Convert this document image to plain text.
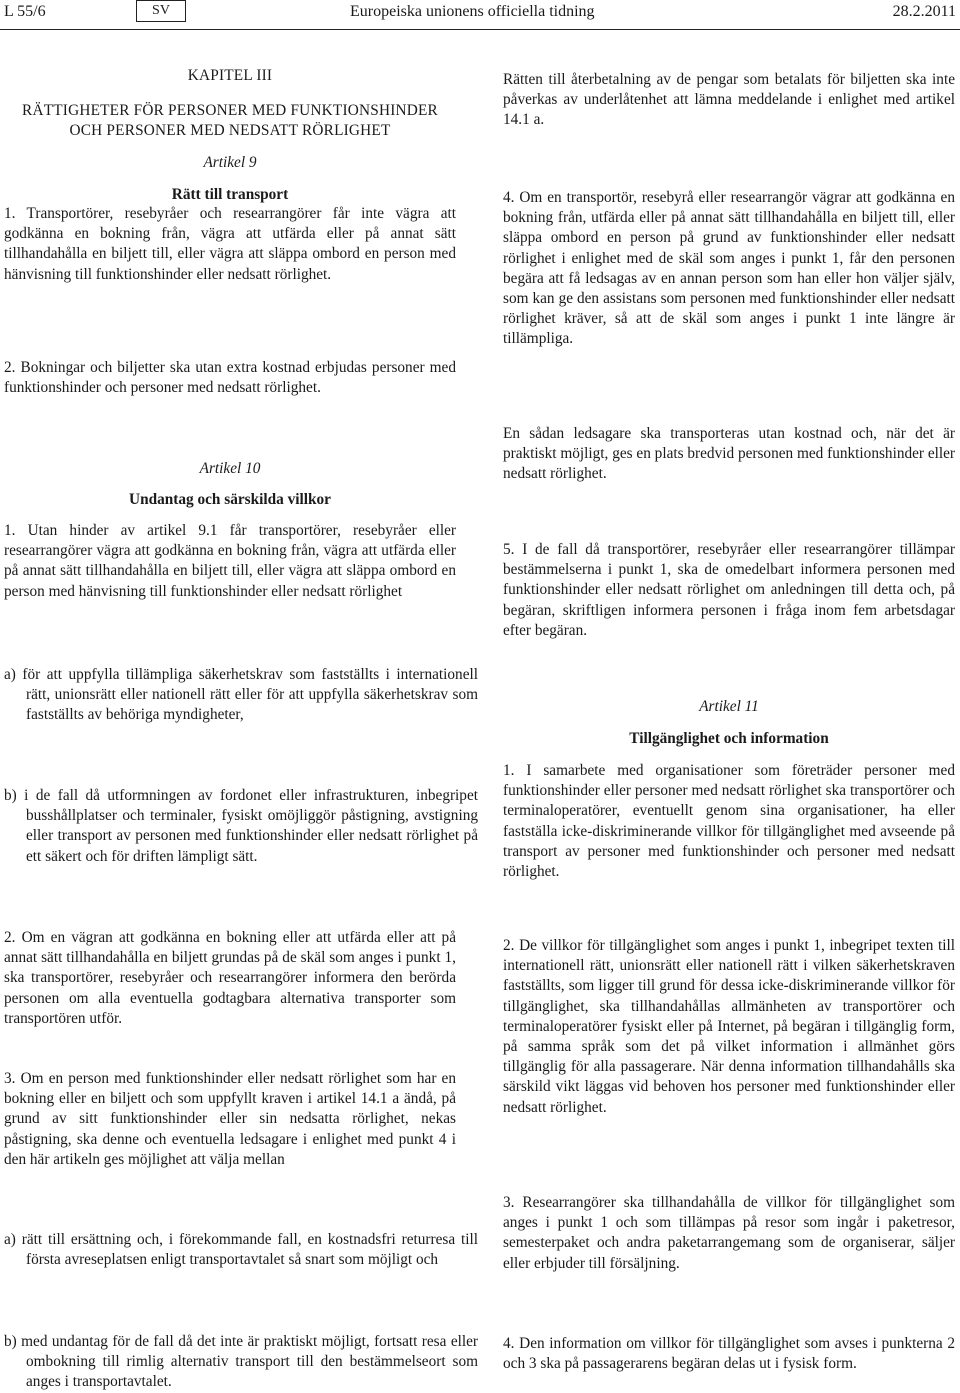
L 55/6	SV	Europeiska unionens officiella tidning	28.2.2011
KAPITEL III
RÄTTIGHETER FÖR PERSONER MED FUNKTIONSHINDER
OCH PERSONER MED NEDSATT RÖRLIGHET
Artikel 9
Rätt till transport
1. Transportörer, resebyråer och researrangörer får inte vägra att godkänna en bokning från, vägra att utfärda eller på annat sätt tillhandahålla en biljett till, eller vägra att släppa ombord en person med hänvisning till funktionshinder eller nedsatt rörlighet.
2. Bokningar och biljetter ska utan extra kostnad erbjudas personer med funktionshinder och personer med nedsatt rörlighet.
Artikel 10
Undantag och särskilda villkor
1. Utan hinder av artikel 9.1 får transportörer, resebyråer eller researrangörer vägra att godkänna en bokning från, vägra att utfärda eller på annat sätt tillhandahålla en biljett till, eller vägra att släppa ombord en person med hänvisning till funktionshinder eller nedsatt rörlighet
a) för att uppfylla tillämpliga säkerhetskrav som fastställts i internationell rätt, unionsrätt eller nationell rätt eller för att uppfylla säkerhetskrav som fastställts av behöriga myndigheter,
b) i de fall då utformningen av fordonet eller infrastrukturen, inbegripet busshållplatser och terminaler, fysiskt omöjliggör påstigning, avstigning eller transport av personen med funktionshinder eller nedsatt rörlighet på ett säkert och för driften lämpligt sätt.
2. Om en vägran att godkänna en bokning eller att utfärda eller att på annat sätt tillhandahålla en biljett grundas på de skäl som anges i punkt 1, ska transportörer, resebyråer och researrangörer informera den berörda personen om alla eventuella godtagbara alternativa transporter som transportören utför.
3. Om en person med funktionshinder eller nedsatt rörlighet som har en bokning eller en biljett och som uppfyllt kraven i artikel 14.1 a ändå, på grund av sitt funktionshinder eller sin nedsatta rörlighet, nekas påstigning, ska denne och eventuella ledsagare i enlighet med punkt 4 i den här artikeln ges möjlighet att välja mellan
a) rätt till ersättning och, i förekommande fall, en kostnadsfri returresa till första avreseplatsen enligt transportavtalet så snart som möjligt och
b) med undantag för de fall då det inte är praktiskt möjligt, fortsatt resa eller ombokning till rimlig alternativ transport till den bestämmelseort som anges i transportavtalet.
Rätten till återbetalning av de pengar som betalats för biljetten ska inte påverkas av underlåtenhet att lämna meddelande i enlighet med artikel 14.1 a.
4. Om en transportör, resebyrå eller researrangör vägrar att godkänna en bokning från, utfärda eller på annat sätt tillhandahålla en biljett till, eller släppa ombord en person på grund av funktionshinder eller nedsatt rörlighet i enlighet med de skäl som anges i punkt 1, får den personen begära att få ledsagas av en annan person som han eller hon väljer själv, som kan ge den assistans som personen med funktionshinder eller nedsatt rörlighet kräver, så att de skäl som anges i punkt 1 inte längre är tillämpliga.
En sådan ledsagare ska transporteras utan kostnad och, när det är praktiskt möjligt, ges en plats bredvid personen med funktionshinder eller nedsatt rörlighet.
5. I de fall då transportörer, resebyråer eller researrangörer tillämpar bestämmelserna i punkt 1, ska de omedelbart informera personen med funktionshinder eller nedsatt rörlighet om anledningen till detta och, på begäran, skriftligen informera personen i fråga inom fem arbetsdagar efter begäran.
Artikel 11
Tillgänglighet och information
1. I samarbete med organisationer som företräder personer med funktionshinder eller personer med nedsatt rörlighet ska transportörer och terminaloperatörer, eventuellt genom sina organisationer, ha eller fastställa icke-diskriminerande villkor för tillgänglighet med avseende på transport av personer med funktionshinder och personer med nedsatt rörlighet.
2. De villkor för tillgänglighet som anges i punkt 1, inbegripet texten till internationell rätt, unionsrätt eller nationell rätt i vilken säkerhetskraven fastställts, som ligger till grund för dessa icke-diskriminerande villkor för tillgänglighet, ska tillhandahållas allmänheten av transportörer och terminaloperatörer fysiskt eller på Internet, på begäran i tillgänglig form, på samma språk som det på vilket information i allmänhet görs tillgänglig för alla passagerare. När denna information tillhandahålls ska särskild vikt läggas vid behoven hos personer med funktionshinder eller nedsatt rörlighet.
3. Researrangörer ska tillhandahålla de villkor för tillgänglighet som anges i punkt 1 och som tillämpas på resor som ingår i paketresor, semesterpaket och andra paketarrangemang som de organiserar, säljer eller erbjuder till försäljning.
4. Den information om villkor för tillgänglighet som avses i punkterna 2 och 3 ska på passagerarens begäran delas ut i fysisk form.
